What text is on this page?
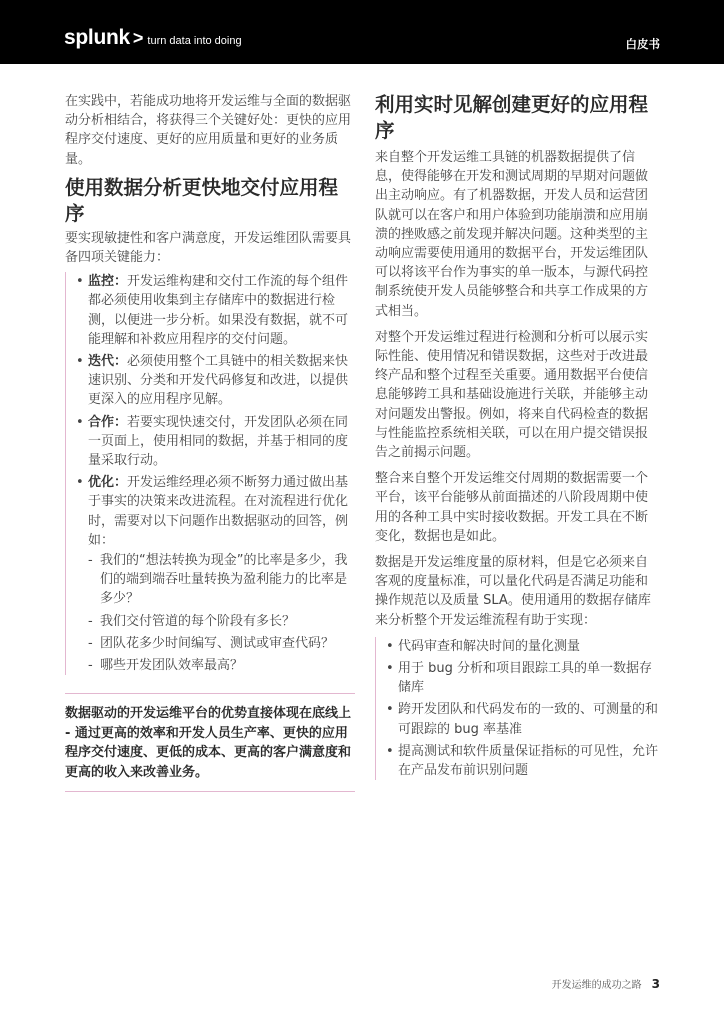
splunk > turn data into doing	白皮书

在实践中，若能成功地将开发运维与全面的数据驱动分析相结合，将获得三个关键好处：更快的应用程序交付速度、更好的应用质量和更好的业务质量。

使用数据分析更快地交付应用程序

要实现敏捷性和客户满意度，开发运维团队需要具备四项关键能力：

• 监控：开发运维构建和交付工作流的每个组件都必须使用收集到主存储库中的数据进行检测，以便进一步分析。如果没有数据，就不可能理解和补救应用程序的交付问题。
• 迭代：必须使用整个工具链中的相关数据来快速识别、分类和开发代码修复和改进，以提供更深入的应用程序见解。
• 合作：若要实现快速交付，开发团队必须在同一页面上，使用相同的数据，并基于相同的度量采取行动。
• 优化：开发运维经理必须不断努力通过做出基于事实的决策来改进流程。在对流程进行优化时，需要对以下问题作出数据驱动的回答，例如：
- 我们的“想法转换为现金”的比率是多少，我们的端到端吞吐量转换为盈利能力的比率是多少？
- 我们交付管道的每个阶段有多长？
- 团队花多少时间编写、测试或审查代码？
- 哪些开发团队效率最高？

数据驱动的开发运维平台的优势直接体现在底线上 - 通过更高的效率和开发人员生产率、更快的应用程序交付速度、更低的成本、更高的客户满意度和更高的收入来改善业务。

利用实时见解创建更好的应用程序

来自整个开发运维工具链的机器数据提供了信息，使得能够在开发和测试周期的早期对问题做出主动响应。有了机器数据，开发人员和运营团队就可以在客户和用户体验到功能崩溃和应用崩溃的挫败感之前发现并解决问题。这种类型的主动响应需要使用通用的数据平台，开发运维团队可以将该平台作为事实的单一版本，与源代码控制系统使开发人员能够整合和共享工作成果的方式相当。

对整个开发运维过程进行检测和分析可以展示实际性能、使用情况和错误数据，这些对于改进最终产品和整个过程至关重要。通用数据平台使信息能够跨工具和基础设施进行关联，并能够主动对问题发出警报。例如，将来自代码检查的数据与性能监控系统相关联，可以在用户提交错误报告之前揭示问题。

整合来自整个开发运维交付周期的数据需要一个平台，该平台能够从前面描述的八阶段周期中使用的各种工具中实时接收数据。开发工具在不断变化，数据也是如此。

数据是开发运维度量的原材料，但是它必须来自客观的度量标准，可以量化代码是否满足功能和操作规范以及质量 SLA。使用通用的数据存储库来分析整个开发运维流程有助于实现：

• 代码审查和解决时间的量化测量
• 用于 bug 分析和项目跟踪工具的单一数据存储库
• 跨开发团队和代码发布的一致的、可测量的和可跟踪的 bug 率基准
• 提高测试和软件质量保证指标的可见性，允许在产品发布前识别问题
开发运维的成功之路 3
